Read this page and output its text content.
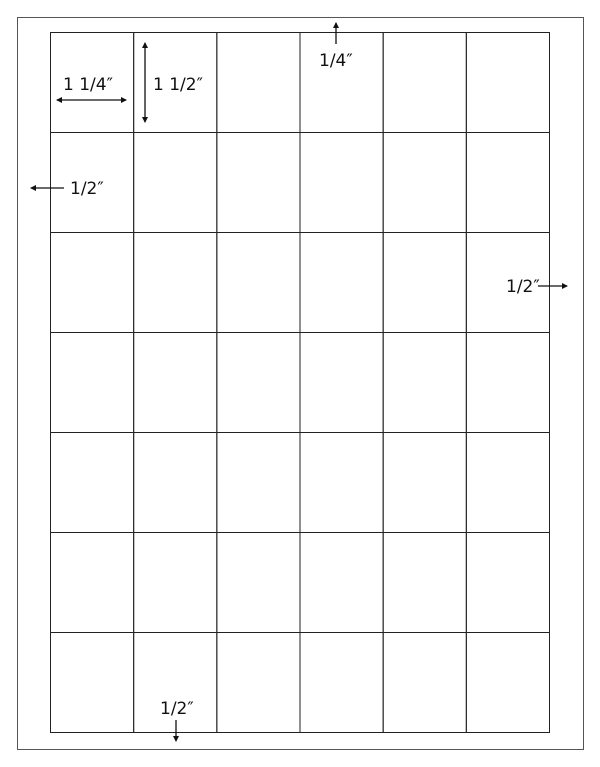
1 1/4″ 1 1/2″
1/4″
1/2″
1/2″
1/2″
